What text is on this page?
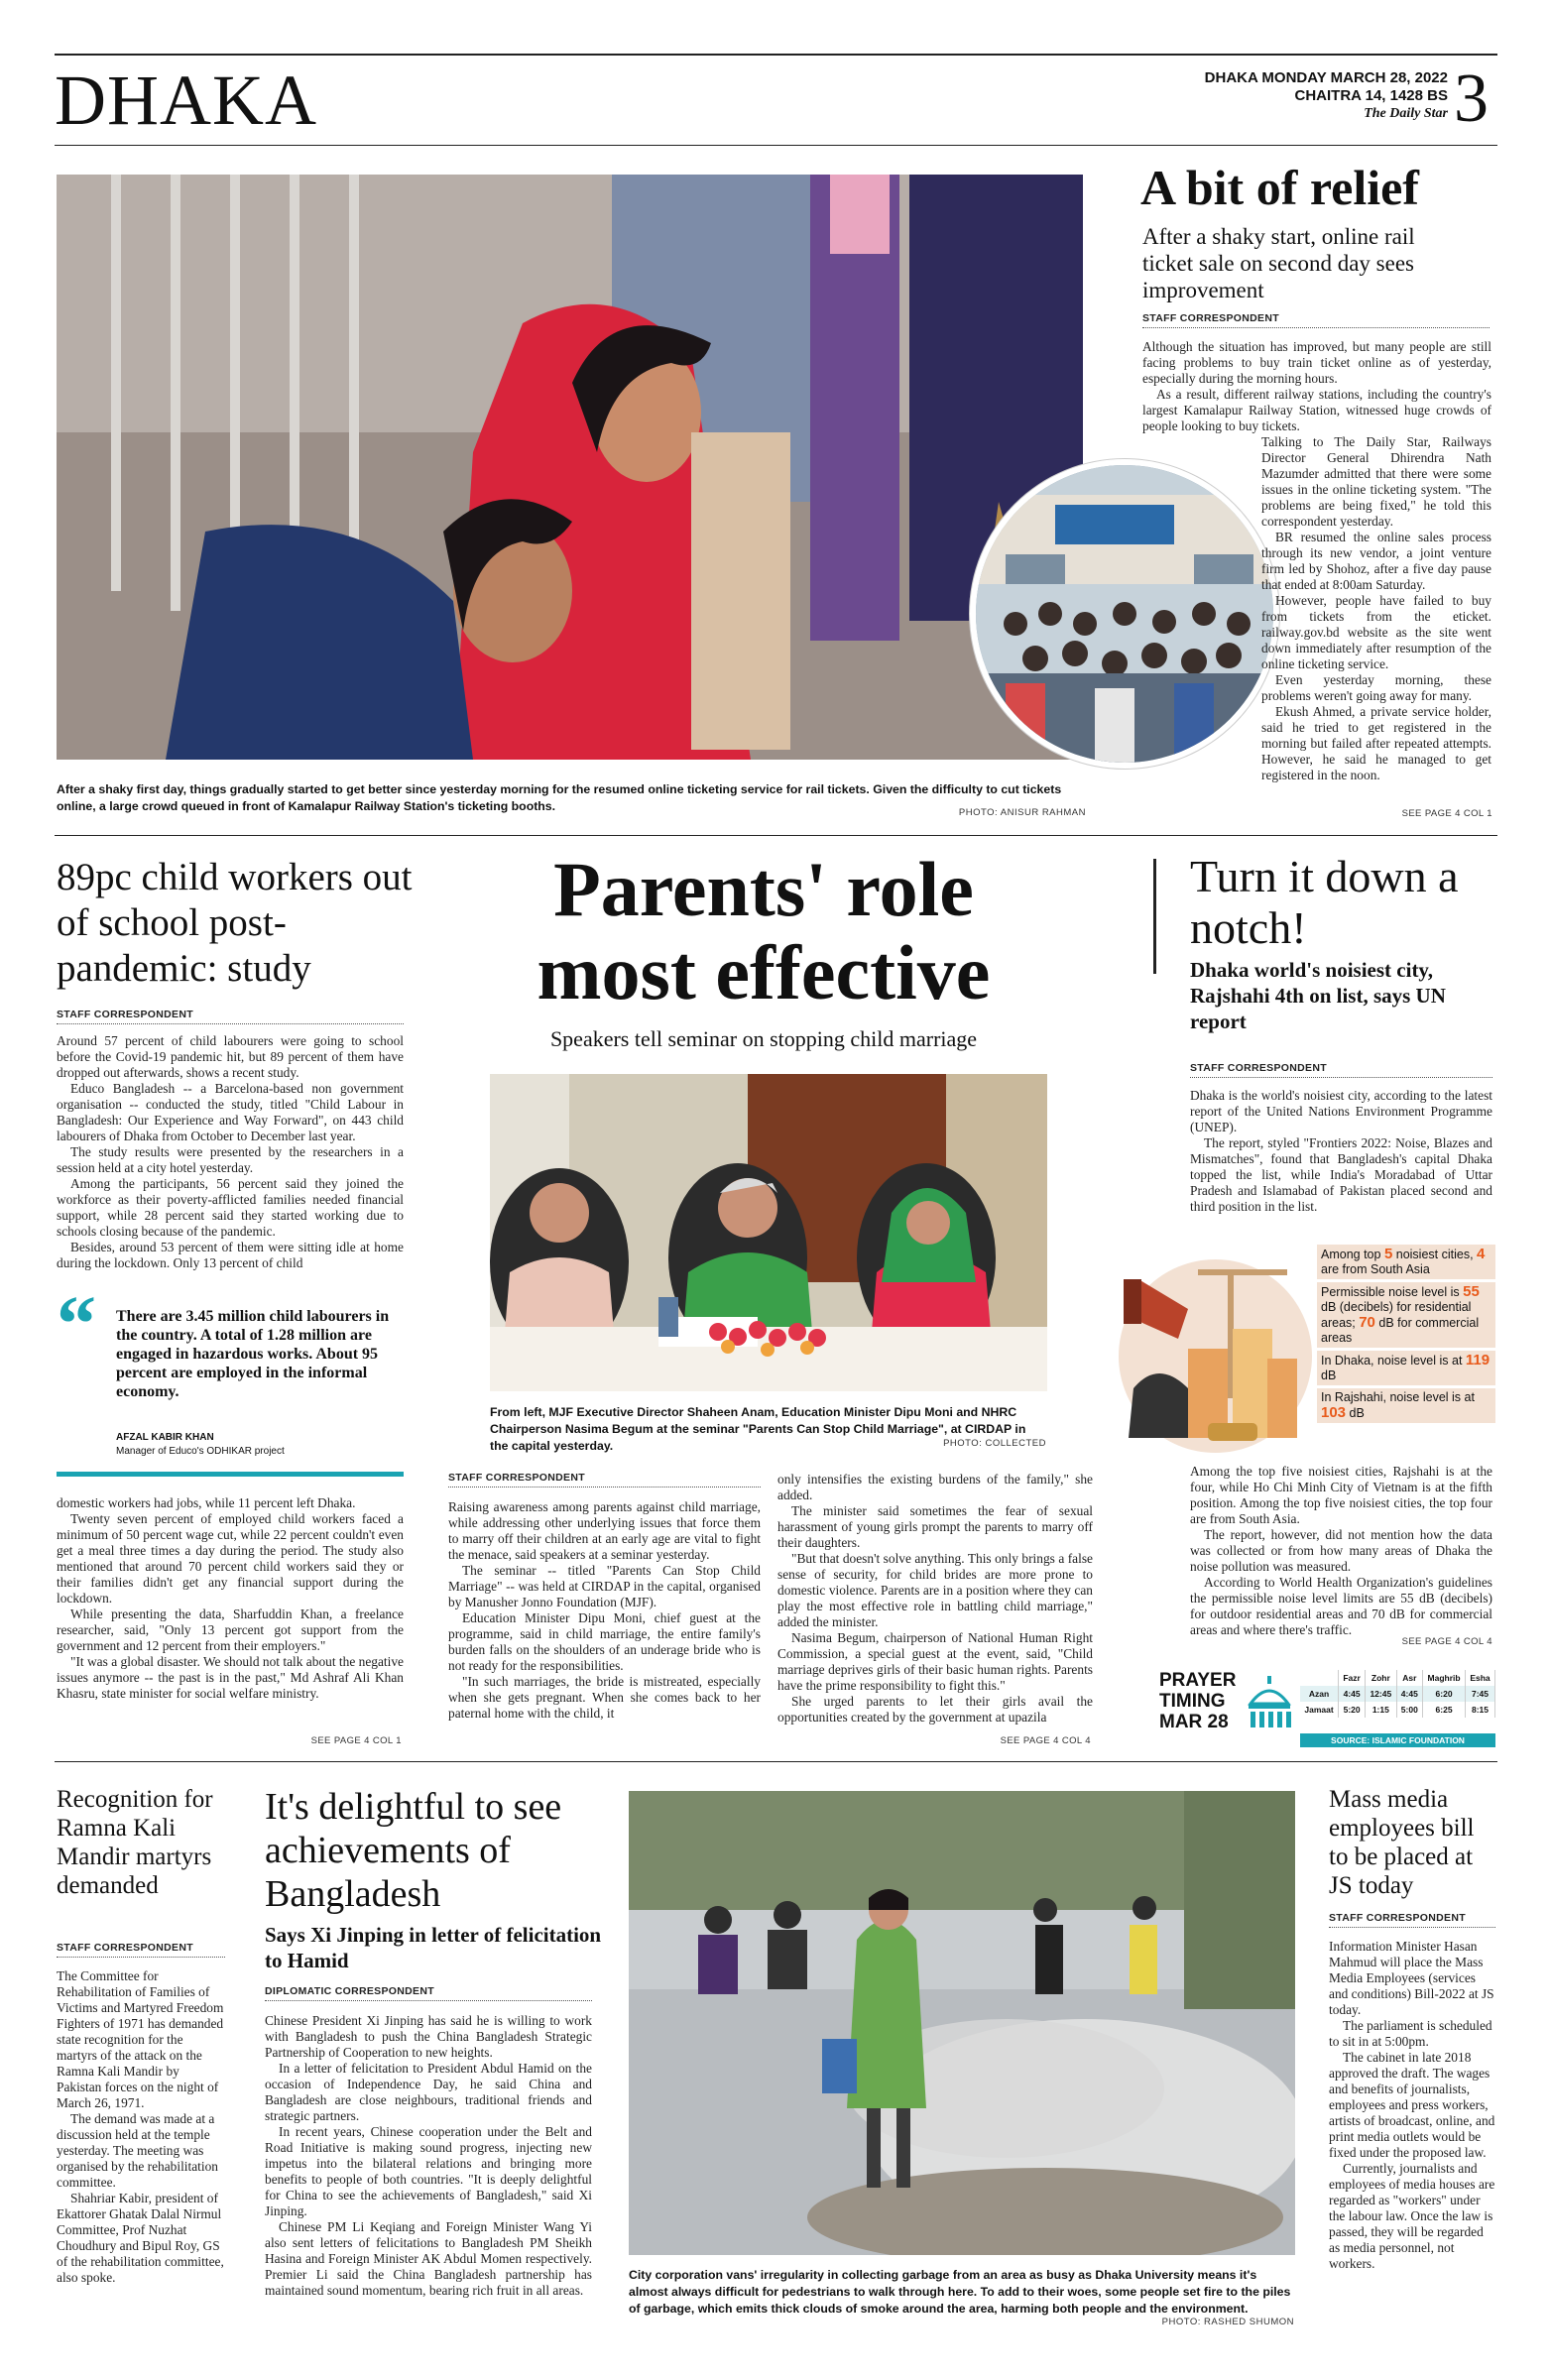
DHAKA	DHAKA MONDAY MARCH 28, 2022
CHAITRA 14, 1428 BS
The Daily Star 3
After a shaky first day, things gradually started to get better since yesterday morning for the resumed online ticketing service for rail tickets. Given the difficulty to cut tickets online, a large crowd queued in front of Kamalapur Railway Station's ticketing booths.	PHOTO: ANISUR RAHMAN
A bit of relief
After a shaky start, online rail ticket sale on second day sees improvement
STAFF CORRESPONDENT

Although the situation has improved, but many people are still facing problems to buy train ticket online as of yesterday, especially during the morning hours.

As a result, different railway stations, including the country's largest Kamalapur Railway Station, witnessed huge crowds of people looking to buy tickets.

Talking to The Daily Star, Railways Director General Dhirendra Nath Mazumder admitted that there were some issues in the online ticketing system. "The problems are being fixed," he told this correspondent yesterday.

BR resumed the online sales process through its new vendor, a joint venture firm led by Shohoz, after a five day pause that ended at 8:00am Saturday.

However, people have failed to buy from tickets from the eticket. railway.gov.bd website as the site went down immediately after resumption of the online ticketing service.

Even yesterday morning, these problems weren't going away for many.

Ekush Ahmed, a private service holder, said he tried to get registered in the morning but failed after repeated attempts. However, he said he managed to get registered in the noon.

SEE PAGE 4 COL 1
89pc child workers out of school post-pandemic: study
STAFF CORRESPONDENT

Around 57 percent of child labourers were going to school before the Covid-19 pandemic hit, but 89 percent of them have dropped out afterwards, shows a recent study.

Educo Bangladesh -- a Barcelona-based non government organisation -- conducted the study, titled "Child Labour in Bangladesh: Our Experience and Way Forward", on 443 child labourers of Dhaka from October to December last year.

The study results were presented by the researchers in a session held at a city hotel yesterday.

Among the participants, 56 percent said they joined the workforce as their poverty-afflicted families needed financial support, while 28 percent said they started working due to schools closing because of the pandemic.

Besides, around 53 percent of them were sitting idle at home during the lockdown. Only 13 percent of child

“ There are 3.45 million child labourers in the country. A total of 1.28 million are engaged in hazardous works. About 95 percent are employed in the informal economy.
AFZAL KABIR KHAN
Manager of Educo's ODHIKAR project

domestic workers had jobs, while 11 percent left Dhaka.

Twenty seven percent of employed child workers faced a minimum of 50 percent wage cut, while 22 percent couldn't even get a meal three times a day during the period. The study also mentioned that around 70 percent child workers said they or their families didn't get any financial support during the lockdown.

While presenting the data, Sharfuddin Khan, a freelance researcher, said, "Only 13 percent got support from the government and 12 percent from their employers."

"It was a global disaster. We should not talk about the negative issues anymore -- the past is in the past," Md Ashraf Ali Khan Khasru, state minister for social welfare ministry.

SEE PAGE 4 COL 1
Parents' role
most effective
Speakers tell seminar on stopping child marriage
From left, MJF Executive Director Shaheen Anam, Education Minister Dipu Moni and NHRC Chairperson Nasima Begum at the seminar "Parents Can Stop Child Marriage", at CIRDAP in the capital yesterday.	PHOTO: COLLECTED
STAFF CORRESPONDENT

Raising awareness among parents against child marriage, while addressing other underlying issues that force them to marry off their children at an early age are vital to fight the menace, said speakers at a seminar yesterday.

The seminar -- titled "Parents Can Stop Child Marriage" -- was held at CIRDAP in the capital, organised by Manusher Jonno Foundation (MJF).

Education Minister Dipu Moni, chief guest at the programme, said in child marriage, the entire family's burden falls on the shoulders of an underage bride who is not ready for the responsibilities.

"In such marriages, the bride is mistreated, especially when she gets pregnant. When she comes back to her paternal home with the child, it

only intensifies the existing burdens of the family," she added.

The minister said sometimes the fear of sexual harassment of young girls prompt the parents to marry off their daughters.

"But that doesn't solve anything. This only brings a false sense of security, for child brides are more prone to domestic violence. Parents are in a position where they can play the most effective role in battling child marriage," added the minister.

Nasima Begum, chairperson of National Human Right Commission, a special guest at the event, said, "Child marriage deprives girls of their basic human rights. Parents have the prime responsibility to fight this."

She urged parents to let their girls avail the opportunities created by the government at upazila

SEE PAGE 4 COL 4
Turn it down a notch!
Dhaka world's noisiest city, Rajshahi 4th on list, says UN report
STAFF CORRESPONDENT

Dhaka is the world's noisiest city, according to the latest report of the United Nations Environment Programme (UNEP).

The report, styled "Frontiers 2022: Noise, Blazes and Mismatches", found that Bangladesh's capital Dhaka topped the list, while India's Moradabad of Uttar Pradesh and Islamabad of Pakistan placed second and third position in the list.

Among top 5 noisiest cities, 4 are from South Asia
Permissible noise level is 55 dB (decibels) for residential areas; 70 dB for commercial areas
In Dhaka, noise level is at 119 dB
In Rajshahi, noise level is at 103 dB

Among the top five noisiest cities, Rajshahi is at the four, while Ho Chi Minh City of Vietnam is at the fifth position. Among the top five noisiest cities, the top four are from South Asia.

The report, however, did not mention how the data was collected or from how many areas of Dhaka the noise pollution was measured.

According to World Health Organization's guidelines the permissible noise level limits are 55 dB (decibels) for outdoor residential areas and 70 dB for commercial areas and where there's traffic.

SEE PAGE 4 COL 4
PRAYER
TIMING
MAR 28
	Fazr	Zohr	Asr	Maghrib	Esha
Azan	4:45	12:45	4:45	6:20	7:45
Jamaat	5:20	1:15	5:00	6:25	8:15
SOURCE: ISLAMIC FOUNDATION
Recognition for Ramna Kali Mandir martyrs demanded
STAFF CORRESPONDENT

The Committee for Rehabilitation of Families of Victims and Martyred Freedom Fighters of 1971 has demanded state recognition for the martyrs of the attack on the Ramna Kali Mandir by Pakistan forces on the night of March 26, 1971.

The demand was made at a discussion held at the temple yesterday. The meeting was organised by the rehabilitation committee.

Shahriar Kabir, president of Ekattorer Ghatak Dalal Nirmul Committee, Prof Nuzhat Choudhury and Bipul Roy, GS of the rehabilitation committee, also spoke.

It's delightful to see achievements of Bangladesh
Says Xi Jinping in letter of felicitation to Hamid
DIPLOMATIC CORRESPONDENT

Chinese President Xi Jinping has said he is willing to work with Bangladesh to push the China Bangladesh Strategic Partnership of Cooperation to new heights.

In a letter of felicitation to President Abdul Hamid on the occasion of Independence Day, he said China and Bangladesh are close neighbours, traditional friends and strategic partners.

In recent years, Chinese cooperation under the Belt and Road Initiative is making sound progress, injecting new impetus into the bilateral relations and bringing more benefits to people of both countries. "It is deeply delightful for China to see the achievements of Bangladesh," said Xi Jinping.

Chinese PM Li Keqiang and Foreign Minister Wang Yi also sent letters of felicitations to Bangladesh PM Sheikh Hasina and Foreign Minister AK Abdul Momen respectively. Premier Li said the China Bangladesh partnership has maintained sound momentum, bearing rich fruit in all areas.

City corporation vans' irregularity in collecting garbage from an area as busy as Dhaka University means it's almost always difficult for pedestrians to walk through here. To add to their woes, some people set fire to the piles of garbage, which emits thick clouds of smoke around the area, harming both people and the environment.
PHOTO: RASHED SHUMON
Mass media employees bill to be placed at JS today
STAFF CORRESPONDENT

Information Minister Hasan Mahmud will place the Mass Media Employees (services and conditions) Bill-2022 at JS today.

The parliament is scheduled to sit in at 5:00pm.

The cabinet in late 2018 approved the draft. The wages and benefits of journalists, employees and press workers, artists of broadcast, online, and print media outlets would be fixed under the proposed law.

Currently, journalists and employees of media houses are regarded as "workers" under the labour law. Once the law is passed, they will be regarded as media personnel, not workers.
